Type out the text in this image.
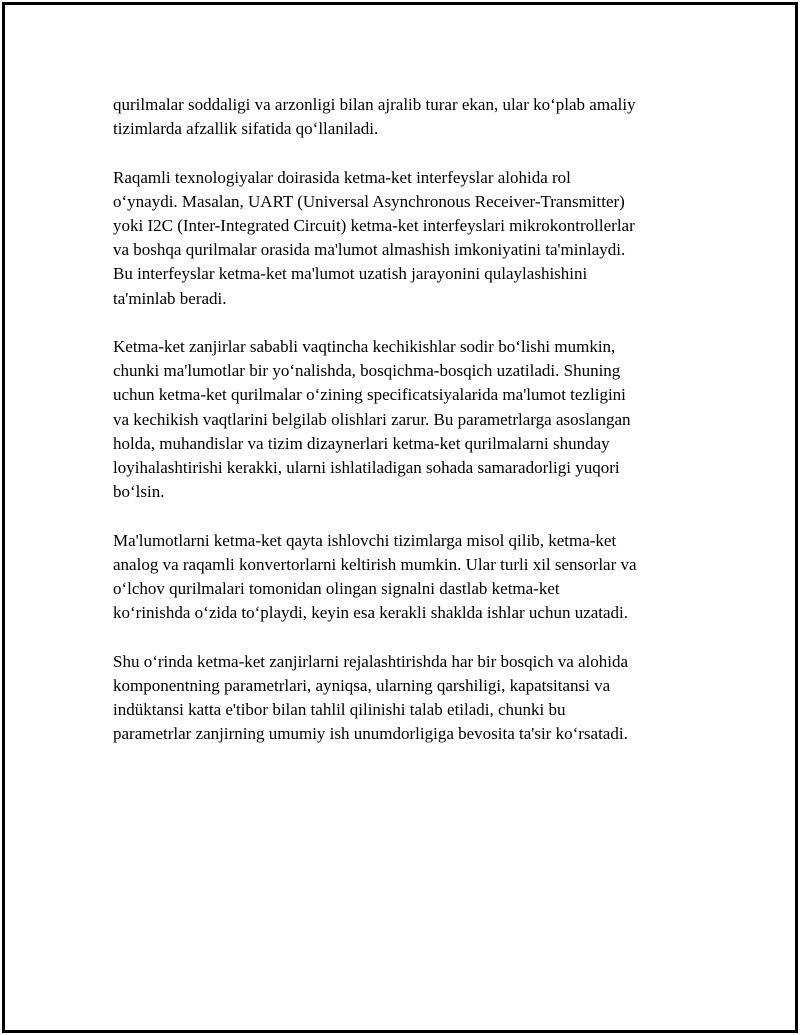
qurilmalar soddaligi va arzonligi bilan ajralib turar ekan, ular koʻplab amaliy
tizimlarda afzallik sifatida qoʻllaniladi.

Raqamli texnologiyalar doirasida ketma-ket interfeyslar alohida rol
oʻynaydi. Masalan, UART (Universal Asynchronous Receiver-Transmitter)
yoki I2C (Inter-Integrated Circuit) ketma-ket interfeyslari mikrokontrollerlar
va boshqa qurilmalar orasida ma'lumot almashish imkoniyatini ta'minlaydi.
Bu interfeyslar ketma-ket ma'lumot uzatish jarayonini qulaylashishini
ta'minlab beradi.

Ketma-ket zanjirlar sababli vaqtincha kechikishlar sodir boʻlishi mumkin,
chunki ma'lumotlar bir yoʻnalishda, bosqichma-bosqich uzatiladi. Shuning
uchun ketma-ket qurilmalar oʻzining specificatsiyalarida ma'lumot tezligini
va kechikish vaqtlarini belgilab olishlari zarur. Bu parametrlarga asoslangan
holda, muhandislar va tizim dizaynerlari ketma-ket qurilmalarni shunday
loyihalashtirishi kerakki, ularni ishlatiladigan sohada samaradorligi yuqori
boʻlsin.

Ma'lumotlarni ketma-ket qayta ishlovchi tizimlarga misol qilib, ketma-ket
analog va raqamli konvertorlarni keltirish mumkin. Ular turli xil sensorlar va
oʻlchov qurilmalari tomonidan olingan signalni dastlab ketma-ket
koʻrinishda oʻzida toʻplaydi, keyin esa kerakli shaklda ishlar uchun uzatadi.

Shu oʻrinda ketma-ket zanjirlarni rejalashtirishda har bir bosqich va alohida
komponentning parametrlari, ayniqsa, ularning qarshiligi, kapatsitansi va
indüktansi katta e'tibor bilan tahlil qilinishi talab etiladi, chunki bu
parametrlar zanjirning umumiy ish unumdorligiga bevosita ta'sir koʻrsatadi.
